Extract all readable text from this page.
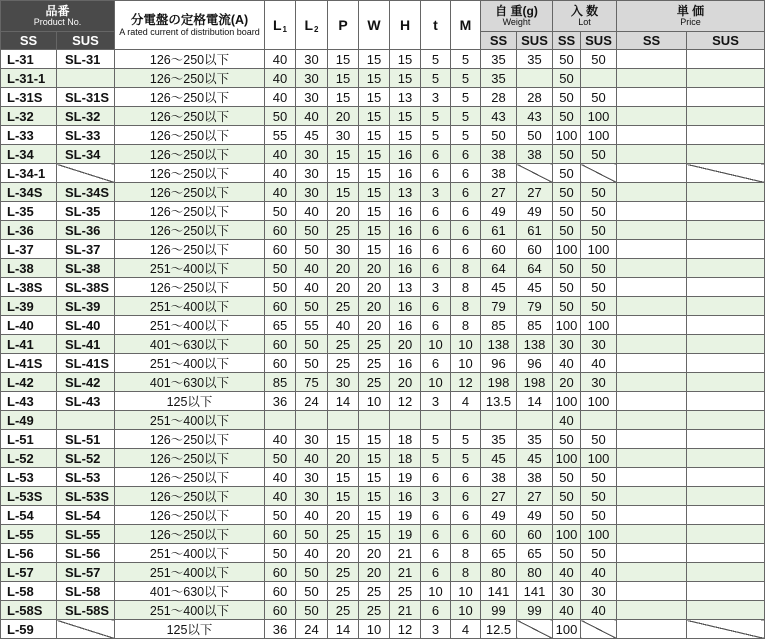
品番
Product No.		分電盤の定格電流(A)
A rated current of distribution board	$L_1$	$L_2$	P	W	H	t	M	自 重(g)
Weight		入 数
Lot		単 価
Price	

SS	SUS									SS	SUS	SS	SUS	SS	SUS
L-31	SL-31	126～250以下	40	30	15	15	15	5	5	35	35	50	50		
L-31-1		126～250以下	40	30	15	15	15	5	5	35		50			
L-31S	SL-31S	126～250以下	40	30	15	15	13	3	5	28	28	50	50		
L-32	SL-32	126～250以下	50	40	20	15	15	5	5	43	43	50	100		
L-33	SL-33	126～250以下	55	45	30	15	15	5	5	50	50	100	100		
L-34	SL-34	126～250以下	40	30	15	15	16	6	6	38	38	50	50		
L-34-1		126～250以下	40	30	15	15	16	6	6	38		50			
L-34S	SL-34S	126～250以下	40	30	15	15	13	3	6	27	27	50	50		
L-35	SL-35	126～250以下	50	40	20	15	16	6	6	49	49	50	50		
L-36	SL-36	126～250以下	60	50	25	15	16	6	6	61	61	50	50		
L-37	SL-37	126～250以下	60	50	30	15	16	6	6	60	60	100	100		
L-38	SL-38	251～400以下	50	40	20	20	16	6	8	64	64	50	50		
L-38S	SL-38S	126～250以下	50	40	20	20	13	3	8	45	45	50	50		
L-39	SL-39	251～400以下	60	50	25	20	16	6	8	79	79	50	50		
L-40	SL-40	251～400以下	65	55	40	20	16	6	8	85	85	100	100		
L-41	SL-41	401～630以下	60	50	25	25	20	10	10	138	138	30	30		
L-41S	SL-41S	251～400以下	60	50	25	25	16	6	10	96	96	40	40		
L-42	SL-42	401～630以下	85	75	30	25	20	10	12	198	198	20	30		
L-43	SL-43	125以下	36	24	14	10	12	3	4	13.5	14	100	100		
L-49		251～400以下										40			
L-51	SL-51	126～250以下	40	30	15	15	18	5	5	35	35	50	50		
L-52	SL-52	126～250以下	50	40	20	15	18	5	5	45	45	100	100		
L-53	SL-53	126～250以下	40	30	15	15	19	6	6	38	38	50	50		
L-53S	SL-53S	126～250以下	40	30	15	15	16	3	6	27	27	50	50		
L-54	SL-54	126～250以下	50	40	20	15	19	6	6	49	49	50	50		
L-55	SL-55	126～250以下	60	50	25	15	19	6	6	60	60	100	100		
L-56	SL-56	251～400以下	50	40	20	20	21	6	8	65	65	50	50		
L-57	SL-57	251～400以下	60	50	25	20	21	6	8	80	80	40	40		
L-58	SL-58	401～630以下	60	50	25	25	25	10	10	141	141	30	30		
L-58S	SL-58S	251～400以下	60	50	25	25	21	6	10	99	99	40	40		
L-59		125以下	36	24	14	10	12	3	4	12.5		100			
